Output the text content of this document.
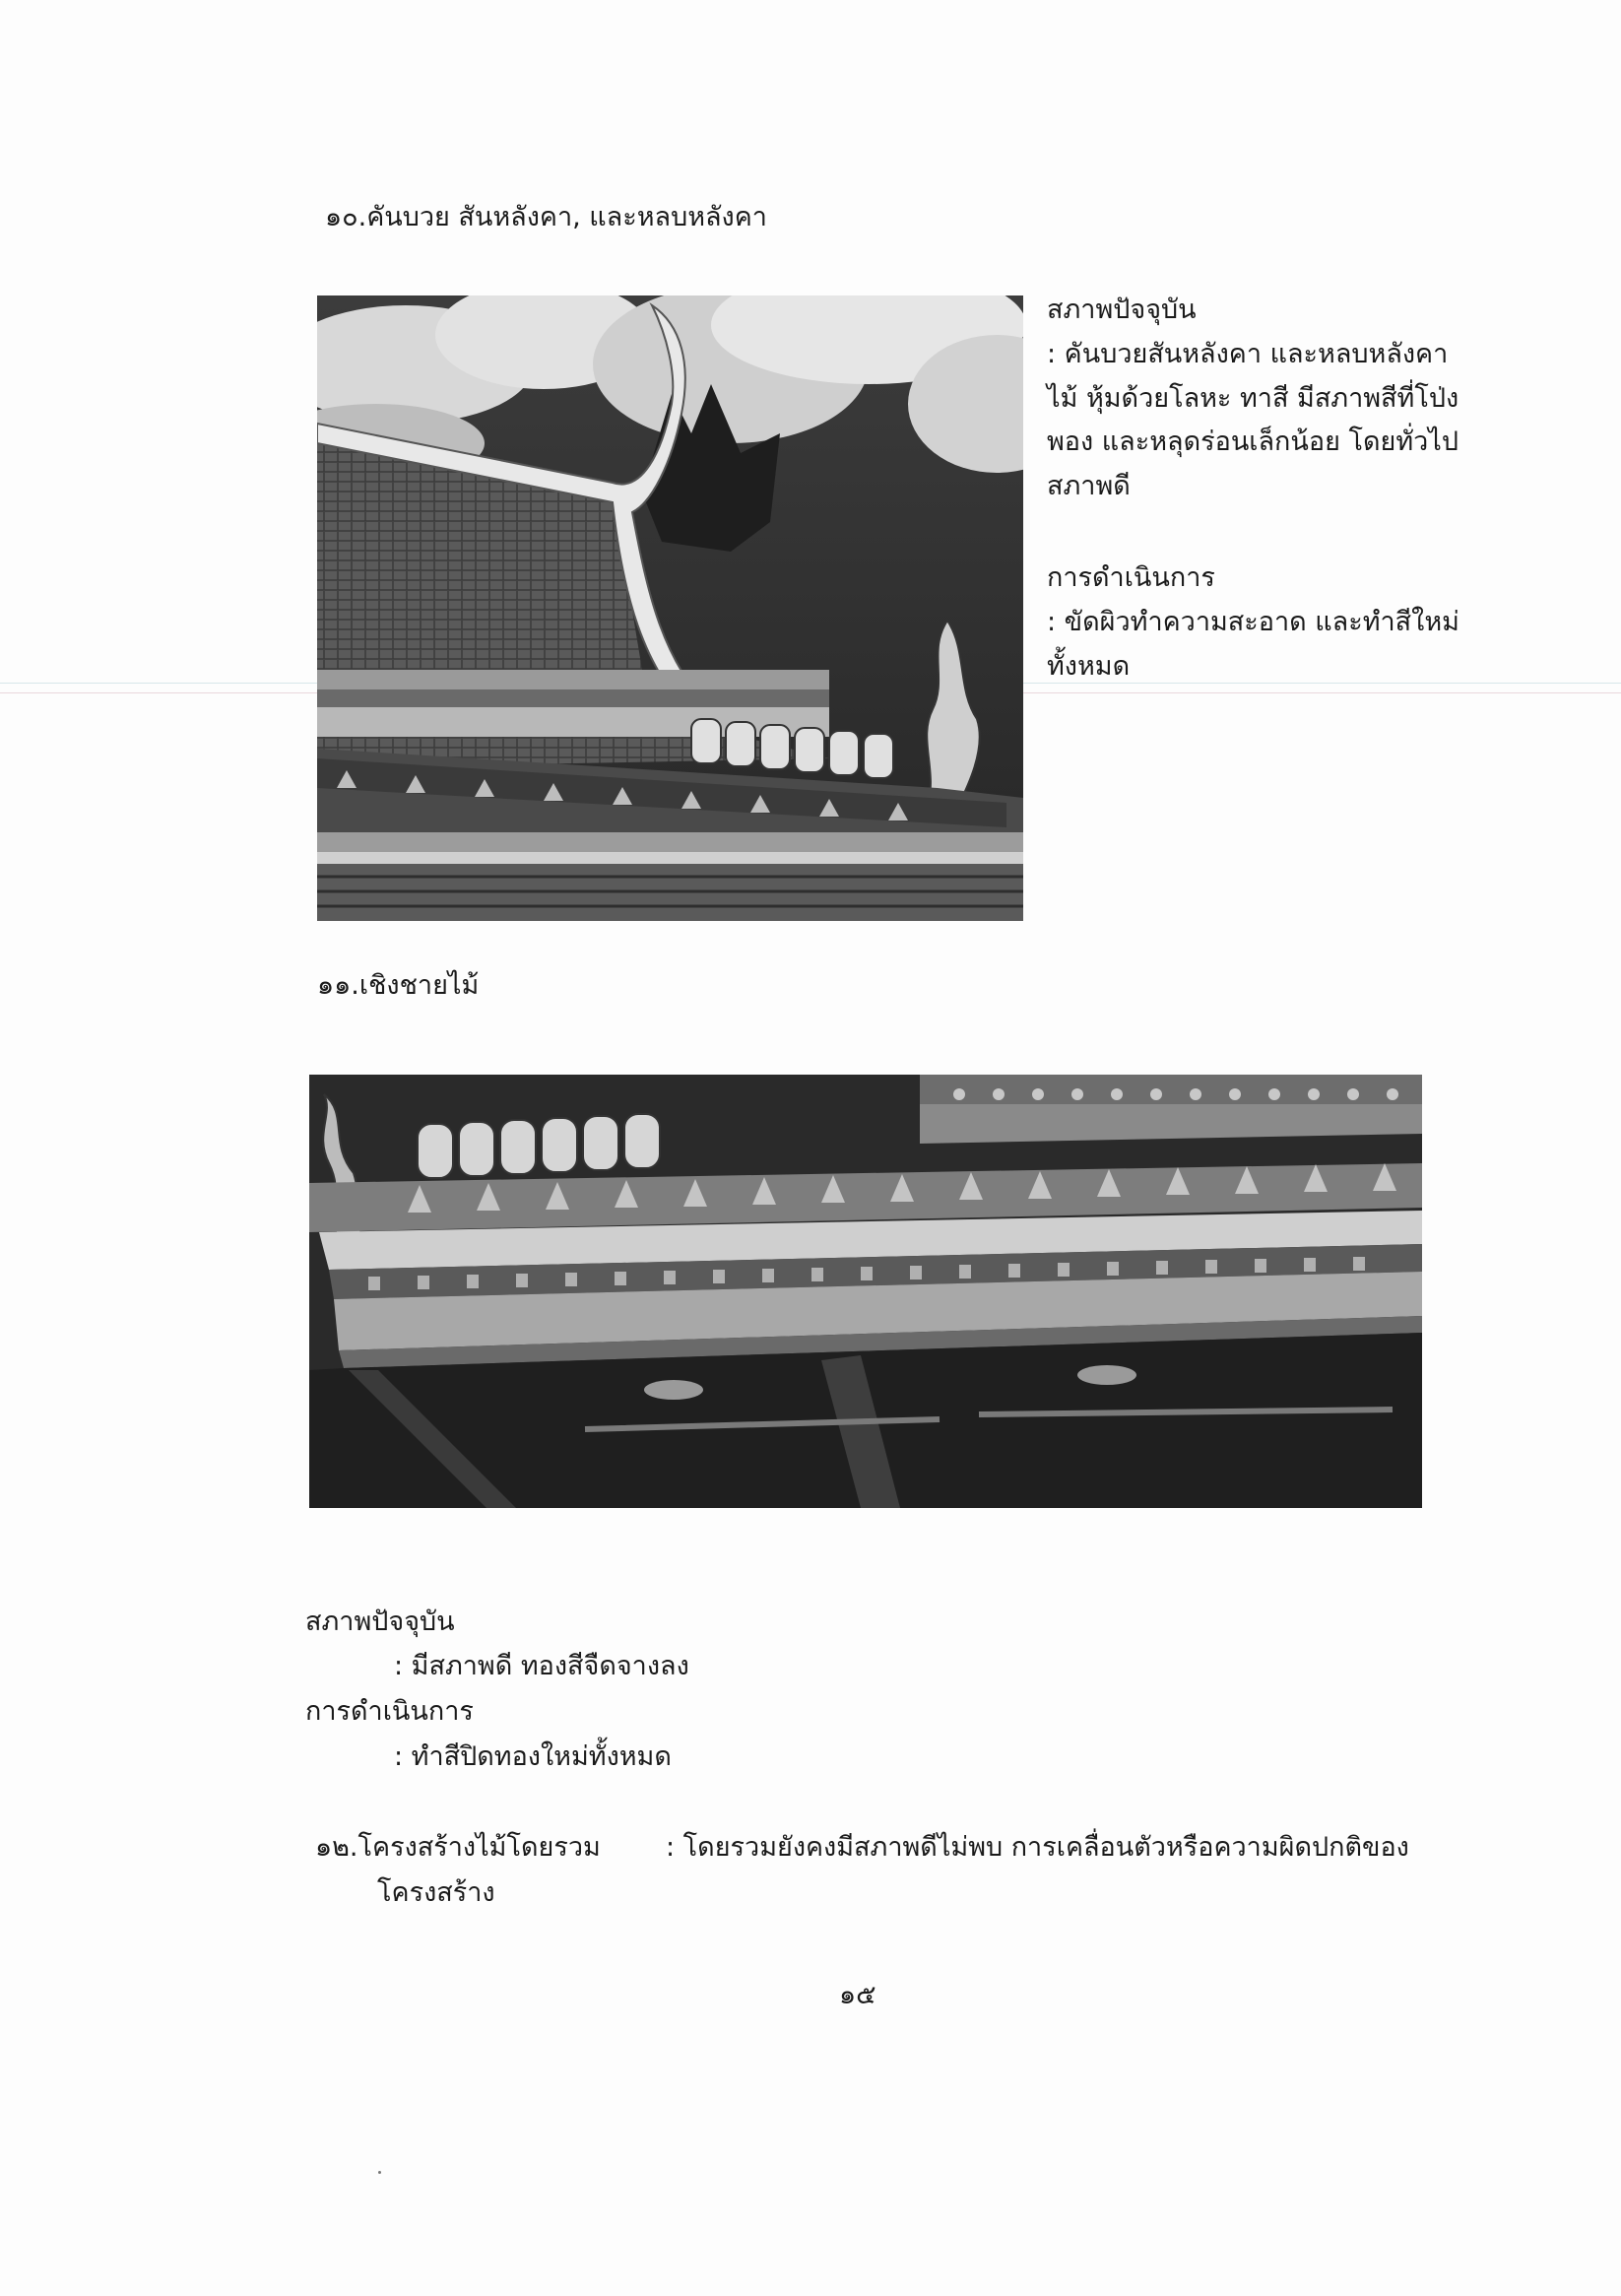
๑๐.คันบวย สันหลังคา, และหลบหลังคา
สภาพปัจจุบัน
: คันบวยสันหลังคา และหลบหลังคา
ไม้ หุ้มด้วยโลหะ ทาสี มีสภาพสีที่โป่ง
พอง และหลุดร่อนเล็กน้อย โดยทั่วไป
สภาพดี
การดำเนินการ
: ขัดผิวทำความสะอาด และทำสีใหม่
ทั้งหมด
๑๑.เชิงชายไม้
สภาพปัจจุบัน
: มีสภาพดี ทองสีจืดจางลง
การดำเนินการ
: ทำสีปิดทองใหม่ทั้งหมด
๑๒.โครงสร้างไม้โดยรวม
โครงสร้าง
: โดยรวมยังคงมีสภาพดีไม่พบ การเคลื่อนตัวหรือความผิดปกติของ
๑๕
